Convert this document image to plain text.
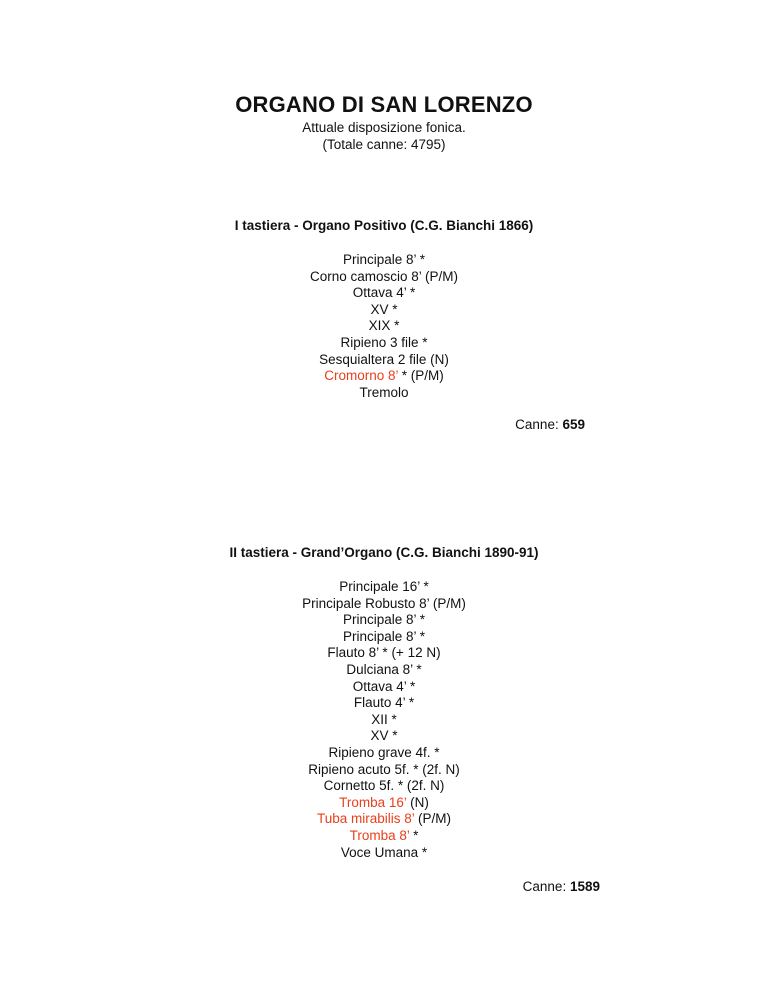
ORGANO DI SAN LORENZO
Attuale disposizione fonica.
(Totale canne: 4795)
I tastiera - Organo Positivo (C.G. Bianchi 1866)
Principale 8’ *
Corno camoscio 8’ (P/M)
Ottava 4’ *
XV *
XIX *
Ripieno 3 file *
Sesquialtera 2 file (N)
Cromorno 8’ * (P/M)
Tremolo
Canne: 659
II tastiera - Grand’Organo (C.G. Bianchi 1890-91)
Principale 16’ *
Principale Robusto 8’ (P/M)
Principale 8’ *
Principale 8’ *
Flauto 8’ * (+ 12 N)
Dulciana 8’ *
Ottava 4’ *
Flauto 4’ *
XII *
XV *
Ripieno grave 4f. *
Ripieno acuto 5f. * (2f. N)
Cornetto 5f. * (2f. N)
Tromba 16’ (N)
Tuba mirabilis 8’ (P/M)
Tromba 8’ *
Voce Umana *
Canne: 1589
